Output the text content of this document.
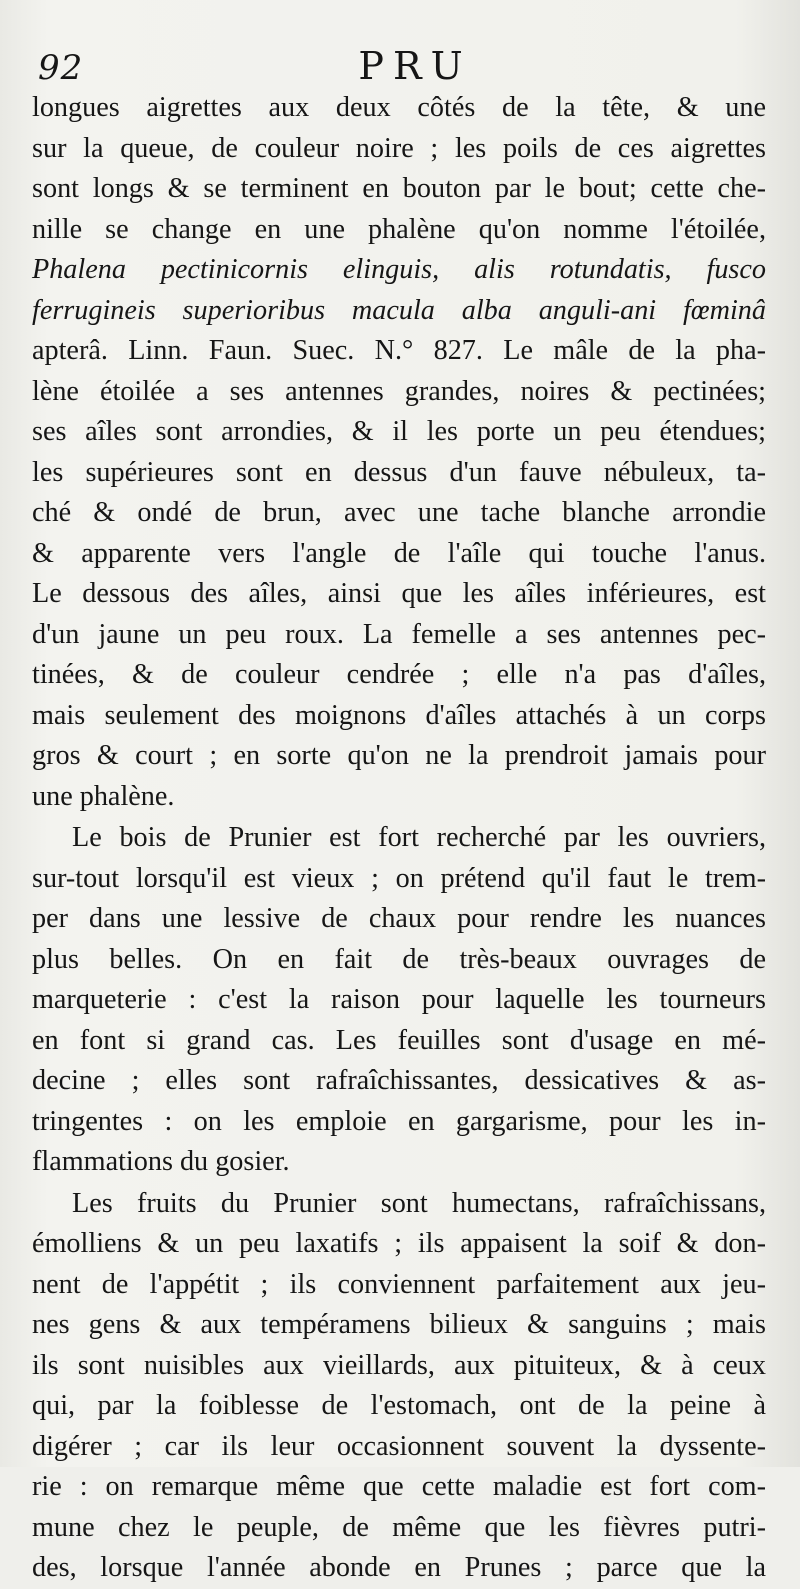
92	PRU
longues aigrettes aux deux côtés de la tête, & une
sur la queue, de couleur noire ; les poils de ces aigrettes
sont longs & se terminent en bouton par le bout; cette che-
nille se change en une phalène qu'on nomme l'étoilée,
Phalena pectinicornis elinguis, alis rotundatis, fusco
ferrugineis superioribus macula alba anguli-ani fœminâ
apterâ. Linn. Faun. Suec. N.° 827. Le mâle de la pha-
lène étoilée a ses antennes grandes, noires & pectinées;
ses aîles sont arrondies, & il les porte un peu étendues;
les supérieures sont en dessus d'un fauve nébuleux, ta-
ché & ondé de brun, avec une tache blanche arrondie
& apparente vers l'angle de l'aîle qui touche l'anus.
Le dessous des aîles, ainsi que les aîles inférieures, est
d'un jaune un peu roux. La femelle a ses antennes pec-
tinées, & de couleur cendrée ; elle n'a pas d'aîles,
mais seulement des moignons d'aîles attachés à un corps
gros & court ; en sorte qu'on ne la prendroit jamais pour
une phalène.
Le bois de Prunier est fort recherché par les ouvriers,
sur-tout lorsqu'il est vieux ; on prétend qu'il faut le trem-
per dans une lessive de chaux pour rendre les nuances
plus belles. On en fait de très-beaux ouvrages de
marqueterie : c'est la raison pour laquelle les tourneurs
en font si grand cas. Les feuilles sont d'usage en mé-
decine ; elles sont rafraîchissantes, dessicatives & as-
tringentes : on les emploie en gargarisme, pour les in-
flammations du gosier.
Les fruits du Prunier sont humectans, rafraîchissans,
émolliens & un peu laxatifs ; ils appaisent la soif & don-
nent de l'appétit ; ils conviennent parfaitement aux jeu-
nes gens & aux tempéramens bilieux & sanguins ; mais
ils sont nuisibles aux vieillards, aux pituiteux, & à ceux
qui, par la foiblesse de l'estomach, ont de la peine à
digérer ; car ils leur occasionnent souvent la dyssente-
rie : on remarque même que cette maladie est fort com-
mune chez le peuple, de même que les fièvres putri-
des, lorsque l'année abonde en Prunes ; parce que la
